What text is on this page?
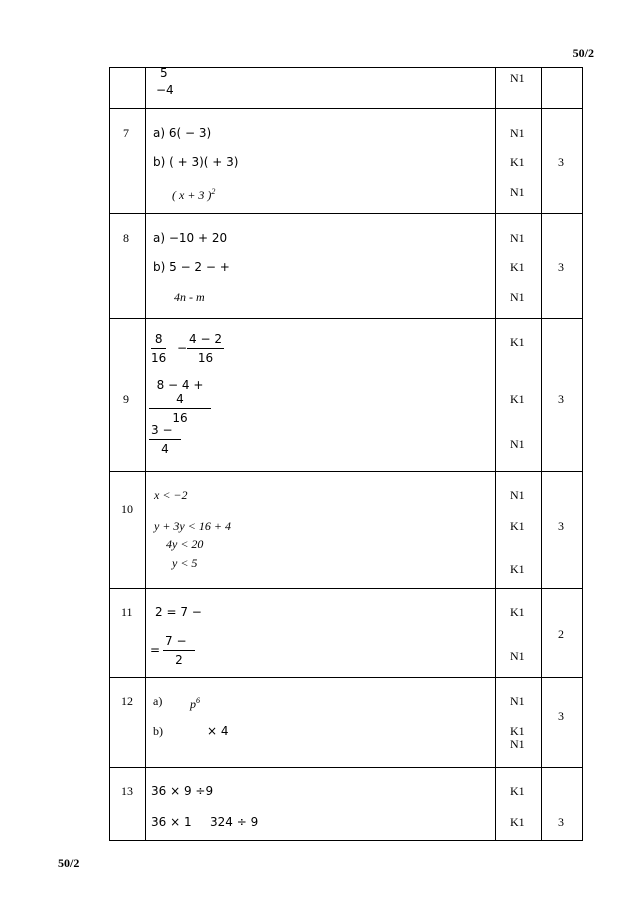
50/2
5
−4
N1
7 a) 6( − 3)
b) ( + 3)( + 3)
( x + 3 )$^2$
N1
K1
N1
3
8 a) −10 + 20
b) 5 − 2 − +
4n - m
N1
K1
N1
3
9
$\frac{8}{16} - \frac{4 - 2}{16}$
$\frac{8 - 4 + 4}{16}$
$\frac{3 -}{4}$
K1
K1
N1
3
10
x < −2
y + 3y < 16 + 4
4y < 20
y < 5
N1
K1
K1
3
11 2 = 7 −
= $\frac{7 -}{2}$
K1
N1
2
12 a) $p^6$
b)	× 4
N1
K1
N1
3
13 36 × 9 ÷9
36 × 1 324 ÷ 9
K1
K1	3
50/2
